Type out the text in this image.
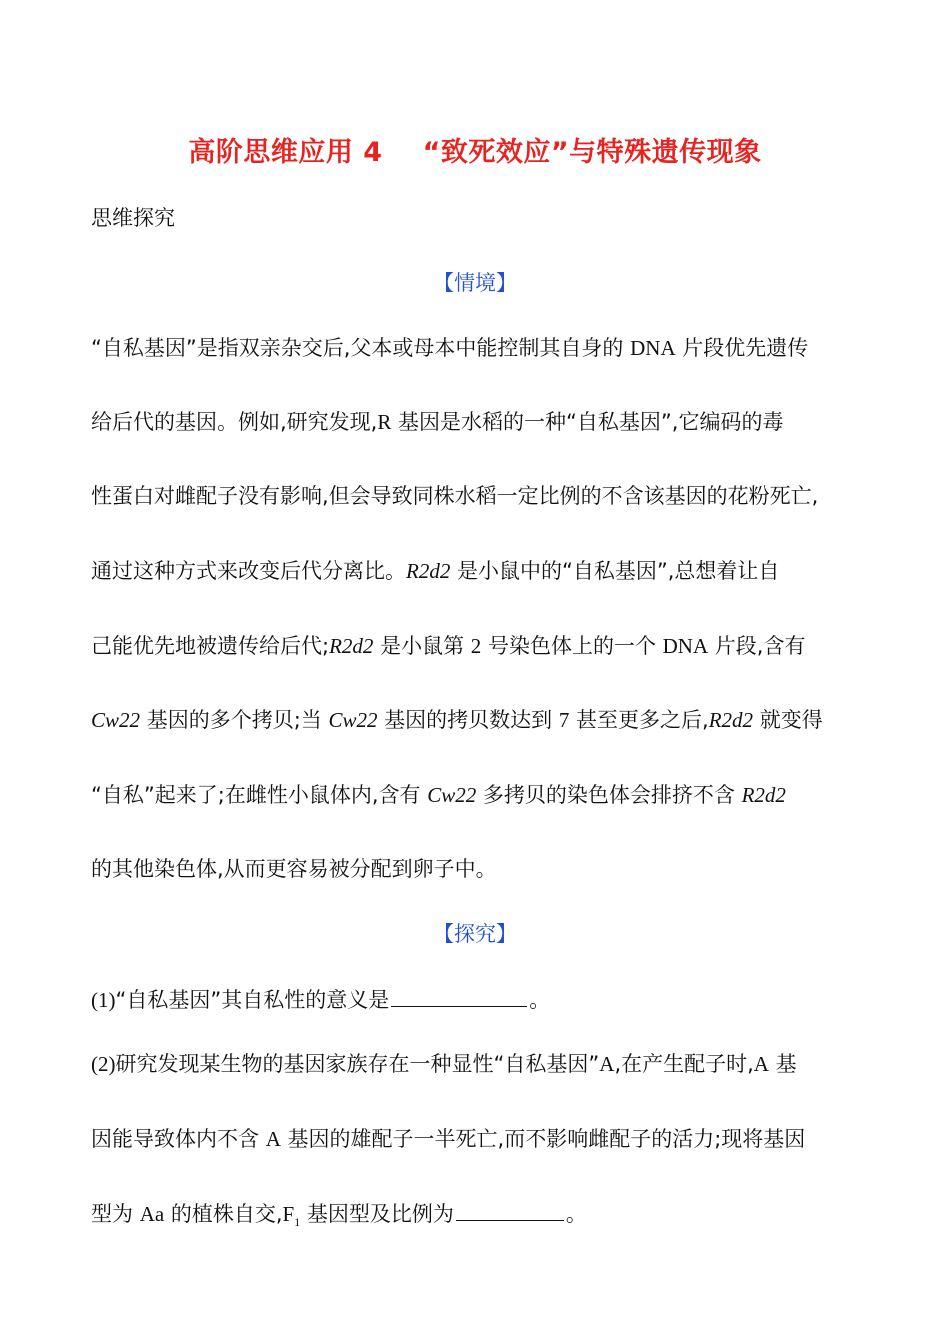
高阶思维应用 4 “致死效应”与特殊遗传现象
思维探究
【情境】
“自私基因”是指双亲杂交后,父本或母本中能控制其自身的 DNA 片段优先遗传
给后代的基因。例如,研究发现,R 基因是水稻的一种“自私基因”,它编码的毒
性蛋白对雌配子没有影响,但会导致同株水稻一定比例的不含该基因的花粉死亡,
通过这种方式来改变后代分离比。R2d2 是小鼠中的“自私基因”,总想着让自
己能优先地被遗传给后代;R2d2 是小鼠第 2 号染色体上的一个 DNA 片段,含有
Cw22 基因的多个拷贝;当 Cw22 基因的拷贝数达到 7 甚至更多之后,R2d2 就变得
“自私”起来了;在雌性小鼠体内,含有 Cw22 多拷贝的染色体会排挤不含 R2d2
的其他染色体,从而更容易被分配到卵子中。
【探究】
(1)“自私基因”其自私性的意义是	。
(2)研究发现某生物的基因家族存在一种显性“自私基因”A,在产生配子时,A 基
因能导致体内不含 A 基因的雄配子一半死亡,而不影响雌配子的活力;现将基因
型为 Aa 的植株自交$,F_1$ 基因型及比例为	。
